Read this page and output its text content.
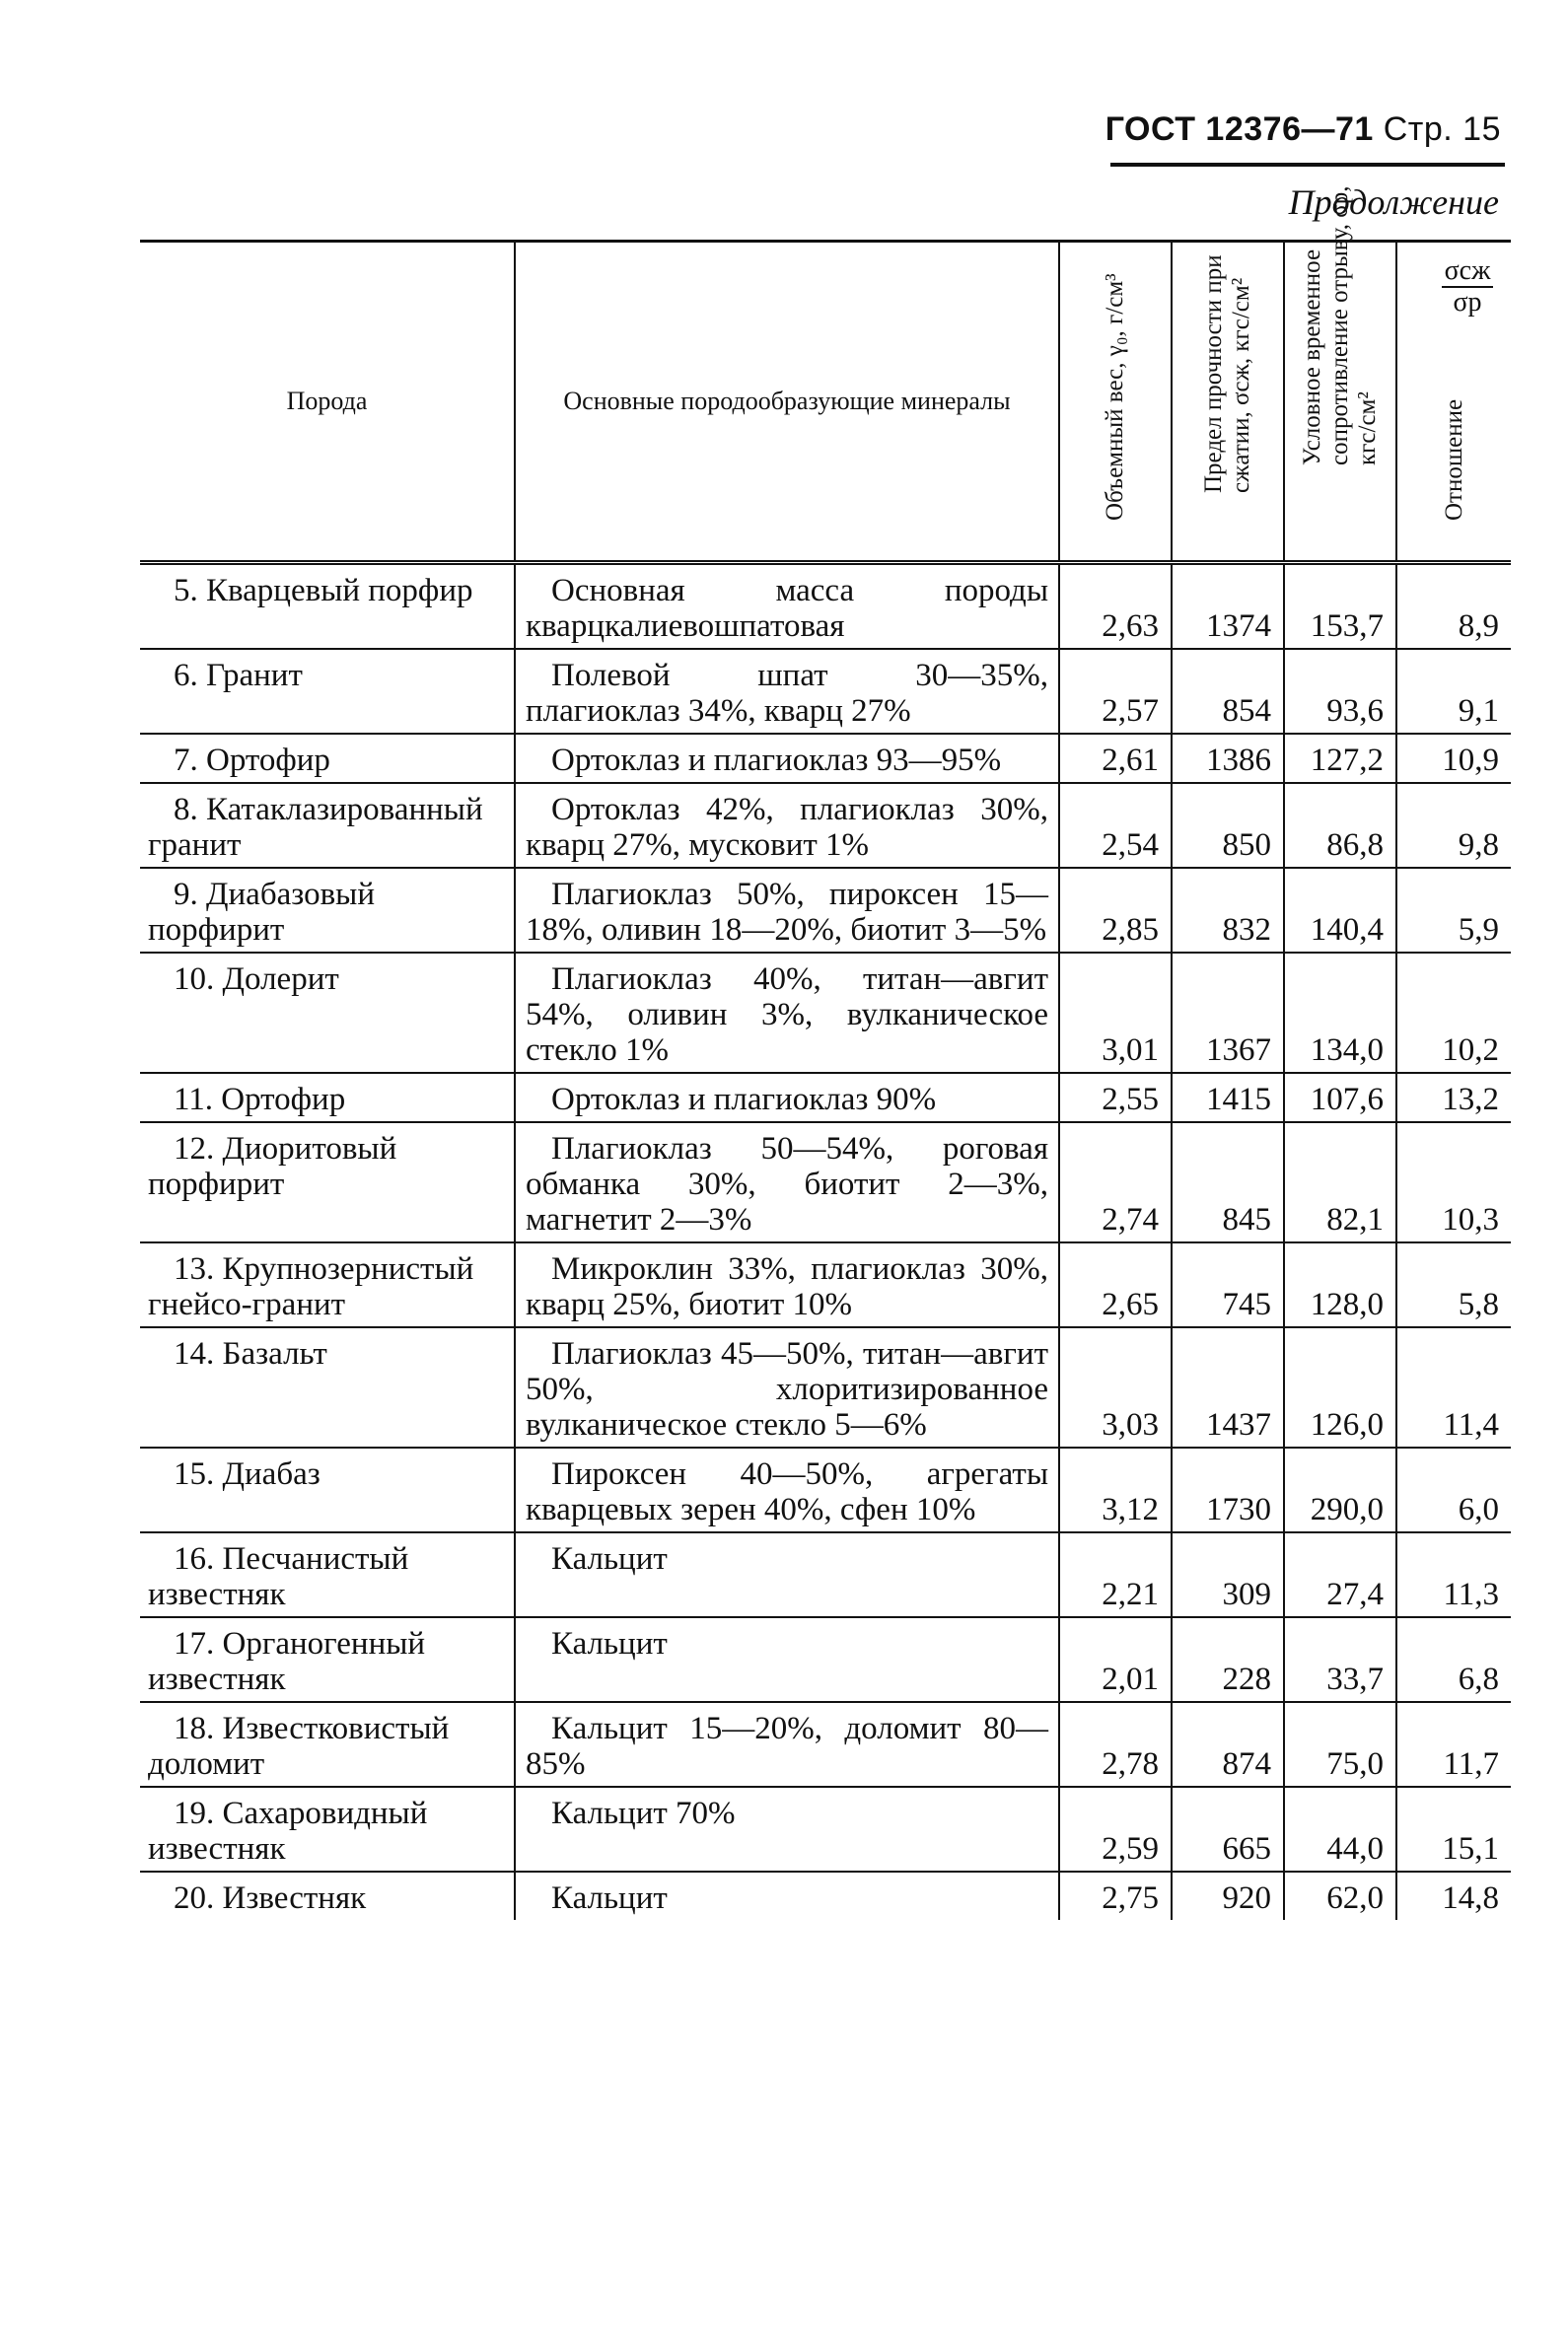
ГОСТ 12376—71 Стр. 15
Продолжение
Порода	Основные породообразующие минералы	Объемный вес, γ₀, г/см³	Предел прочности при сжатии, σсж, кгс/см²	Условное временное сопротивление отрыву, σр, кгс/см²	Отношение
σсж
σр

5. Кварцевый порфир	Основная масса породы кварцкалиевошпатовая	2,63	1374	153,7	8,9

6. Гранит	Полевой шпат 30—35%, плагиоклаз 34%, кварц 27%	2,57	854	93,6	9,1

7. Ортофир	Ортоклаз и плагиоклаз 93—95%	2,61	1386	127,2	10,9

8. Катаклазированный гранит	Ортоклаз 42%, плагиоклаз 30%, кварц 27%, мусковит 1%	2,54	850	86,8	9,8

9. Диабазовый порфирит	Плагиоклаз 50%, пироксен 15—18%, оливин 18—20%, биотит 3—5%	2,85	832	140,4	5,9

10. Долерит	Плагиоклаз 40%, титан—авгит 54%, оливин 3%, вулканическое стекло 1%	3,01	1367	134,0	10,2

11. Ортофир	Ортоклаз и плагиоклаз 90%	2,55	1415	107,6	13,2

12. Диоритовый порфирит	Плагиоклаз 50—54%, роговая обманка 30%, биотит 2—3%, магнетит 2—3%	2,74	845	82,1	10,3

13. Крупнозернистый гнейсо-гранит	Микроклин 33%, плагиоклаз 30%, кварц 25%, биотит 10%	2,65	745	128,0	5,8

14. Базальт	Плагиоклаз 45—50%, титан—авгит 50%, хлоритизированное вулканическое стекло 5—6%	3,03	1437	126,0	11,4

15. Диабаз	Пироксен 40—50%, агрегаты кварцевых зерен 40%, сфен 10%	3,12	1730	290,0	6,0

16. Песчанистый известняк	Кальцит	2,21	309	27,4	11,3

17. Органогенный известняк	Кальцит	2,01	228	33,7	6,8

18. Известковистый доломит	Кальцит 15—20%, доломит 80—85%	2,78	874	75,0	11,7

19. Сахаровидный известняк	Кальцит 70%	2,59	665	44,0	15,1

20. Известняк	Кальцит	2,75	920	62,0	14,8
